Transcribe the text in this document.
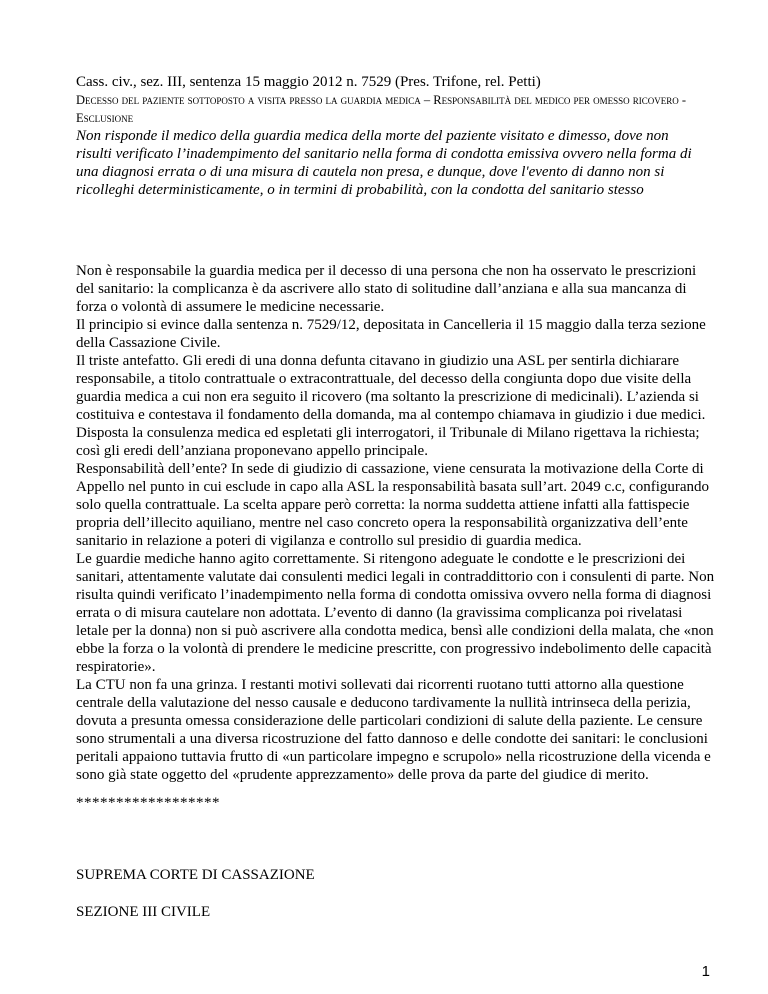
Cass. civ., sez. III, sentenza 15 maggio 2012 n. 7529 (Pres. Trifone, rel. Petti)

Decesso del paziente sottoposto a visita presso la guardia medica – Responsabilità del medico per omesso ricovero - Esclusione

Non risponde il medico della guardia medica della morte del paziente visitato e dimesso, dove non risulti verificato l’inadempimento del sanitario nella forma di condotta emissiva ovvero nella forma di una diagnosi errata o di una misura di cautela non presa, e dunque, dove l'evento di danno non si ricolleghi deterministicamente, o in termini di probabilità, con la condotta del sanitario stesso

Non è responsabile la guardia medica per il decesso di una persona che non ha osservato le prescrizioni del sanitario: la complicanza è da ascrivere allo stato di solitudine dall’anziana e alla sua mancanza di forza o volontà di assumere le medicine necessarie.

Il principio si evince dalla sentenza n. 7529/12, depositata in Cancelleria il 15 maggio dalla terza sezione della Cassazione Civile.

Il triste antefatto. Gli eredi di una donna defunta citavano in giudizio una ASL per sentirla dichiarare responsabile, a titolo contrattuale o extracontrattuale, del decesso della congiunta dopo due visite della guardia medica a cui non era seguito il ricovero (ma soltanto la prescrizione di medicinali). L’azienda si costituiva e contestava il fondamento della domanda, ma al contempo chiamava in giudizio i due medici. Disposta la consulenza medica ed espletati gli interrogatori, il Tribunale di Milano rigettava la richiesta; così gli eredi dell’anziana proponevano appello principale.

Responsabilità dell’ente? In sede di giudizio di cassazione, viene censurata la motivazione della Corte di Appello nel punto in cui esclude in capo alla ASL la responsabilità basata sull’art. 2049 c.c, configurando solo quella contrattuale. La scelta appare però corretta: la norma suddetta attiene infatti alla fattispecie propria dell’illecito aquiliano, mentre nel caso concreto opera la responsabilità organizzativa dell’ente sanitario in relazione a poteri di vigilanza e controllo sul presidio di guardia medica.

Le guardie mediche hanno agito correttamente. Si ritengono adeguate le condotte e le prescrizioni dei sanitari, attentamente valutate dai consulenti medici legali in contraddittorio con i consulenti di parte. Non risulta quindi verificato l’inadempimento nella forma di condotta omissiva ovvero nella forma di diagnosi errata o di misura cautelare non adottata. L’evento di danno (la gravissima complicanza poi rivelatasi letale per la donna) non si può ascrivere alla condotta medica, bensì alle condizioni della malata, che «non ebbe la forza o la volontà di prendere le medicine prescritte, con progressivo indebolimento delle capacità respiratorie».

La CTU non fa una grinza. I restanti motivi sollevati dai ricorrenti ruotano tutti attorno alla questione centrale della valutazione del nesso causale e deducono tardivamente la nullità intrinseca della perizia, dovuta a presunta omessa considerazione delle particolari condizioni di salute della paziente. Le censure sono strumentali a una diversa ricostruzione del fatto dannoso e delle condotte dei sanitari: le conclusioni peritali appaiono tuttavia frutto di «un particolare impegno e scrupolo» nella ricostruzione della vicenda e sono già state oggetto del «prudente apprezzamento» delle prova da parte del giudice di merito.

******************

SUPREMA CORTE DI CASSAZIONE

SEZIONE III CIVILE

1
